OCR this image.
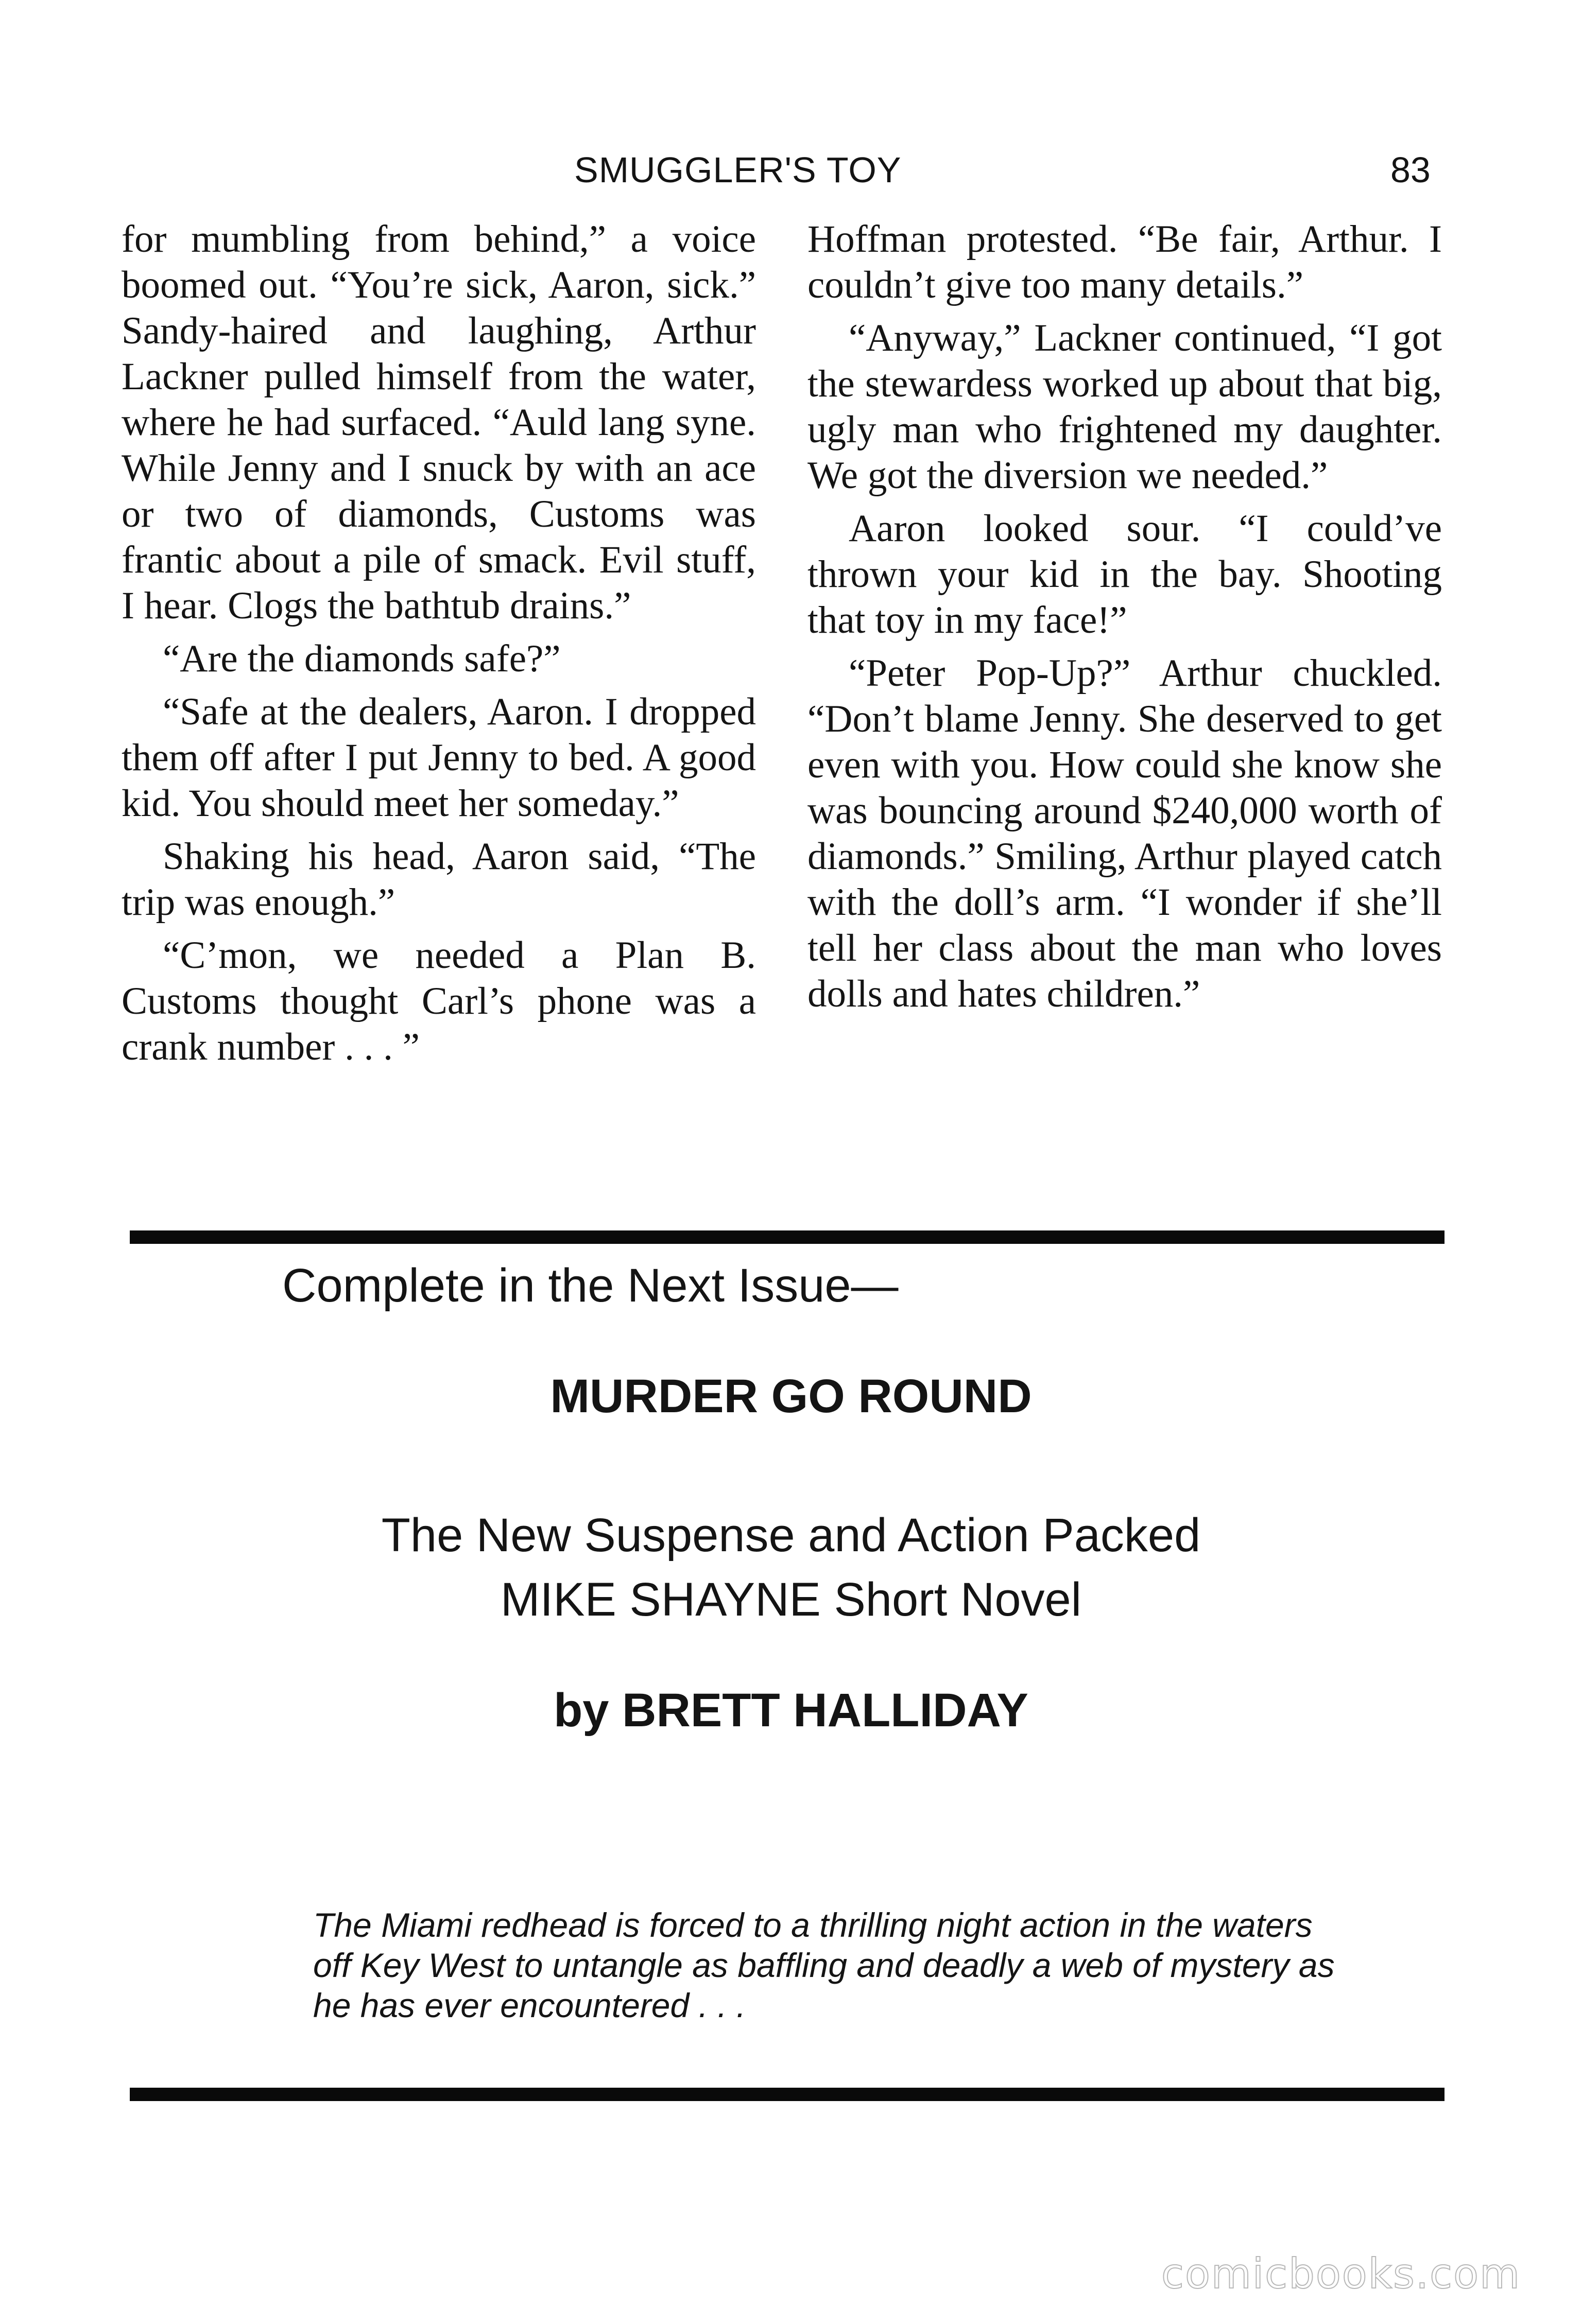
SMUGGLER'S TOY	83

for mumbling from behind,” a voice boomed out. “You’re sick, Aaron, sick.” Sandy-haired and laughing, Arthur Lackner pulled himself from the water, where he had surfaced. “Auld lang syne. While Jenny and I snuck by with an ace or two of diamonds, Customs was frantic about a pile of smack. Evil stuff, I hear. Clogs the bathtub drains.”

“Are the diamonds safe?”

“Safe at the dealers, Aaron. I dropped them off after I put Jenny to bed. A good kid. You should meet her someday.”

Shaking his head, Aaron said, “The trip was enough.”

“C’mon, we needed a Plan B. Customs thought Carl’s phone was a crank number . . . ”

Hoffman protested. “Be fair, Arthur. I couldn’t give too many details.”

“Anyway,” Lackner continued, “I got the stewardess worked up about that big, ugly man who frightened my daughter. We got the diversion we needed.”

Aaron looked sour. “I could’ve thrown your kid in the bay. Shooting that toy in my face!”

“Peter Pop-Up?” Arthur chuckled. “Don’t blame Jenny. She deserved to get even with you. How could she know she was bouncing around $240,000 worth of diamonds.” Smiling, Arthur played catch with the doll’s arm. “I wonder if she’ll tell her class about the man who loves dolls and hates children.”

Complete in the Next Issue—
MURDER GO ROUND
The New Suspense and Action Packed
MIKE SHAYNE Short Novel
by BRETT HALLIDAY
The Miami redhead is forced to a thrilling night action in the waters off Key West to untangle as baffling and deadly a web of mystery as he has ever encountered . . .
comicbooks.com
